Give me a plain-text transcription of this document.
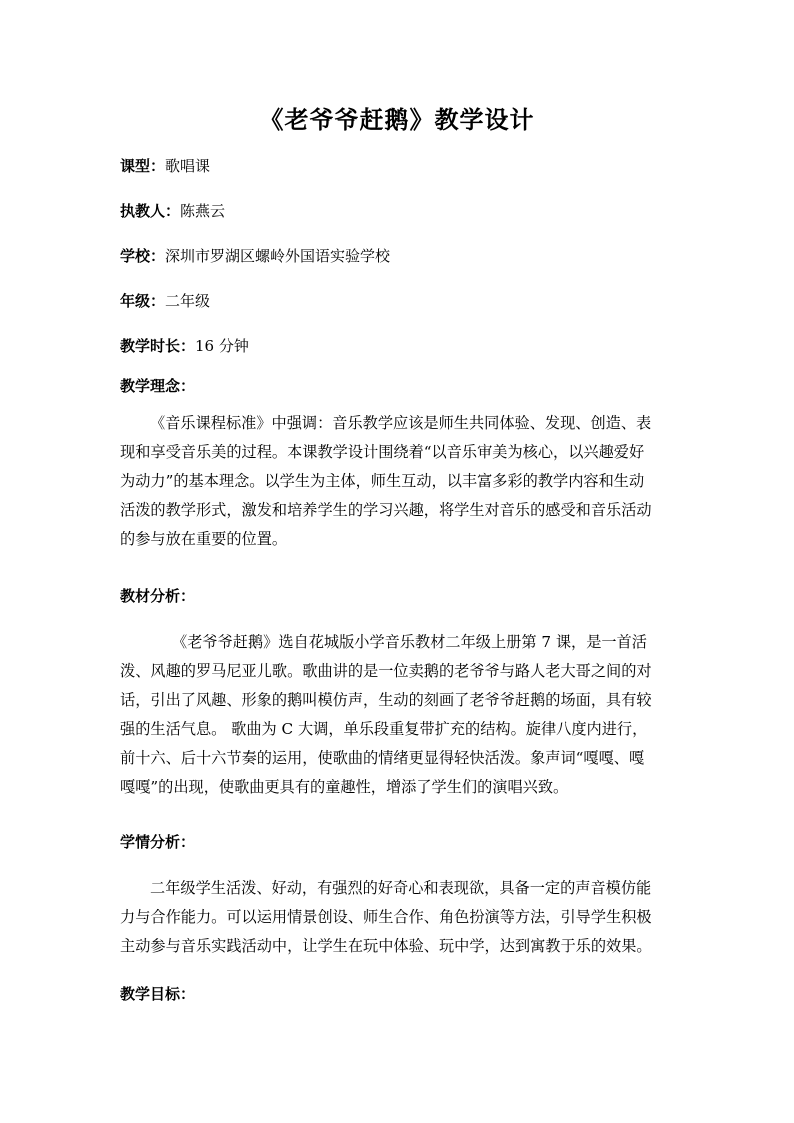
《老爷爷赶鹅》教学设计

课型：歌唱课

执教人：陈燕云

学校：深圳市罗湖区螺岭外国语实验学校

年级：二年级

教学时长：16 分钟

教学理念：
《音乐课程标准》中强调：音乐教学应该是师生共同体验、发现、创造、表
现和享受音乐美的过程。本课教学设计围绕着“以音乐审美为核心，以兴趣爱好
为动力”的基本理念。以学生为主体，师生互动，以丰富多彩的教学内容和生动
活泼的教学形式，激发和培养学生的学习兴趣，将学生对音乐的感受和音乐活动
的参与放在重要的位置。
教材分析：
《老爷爷赶鹅》选自花城版小学音乐教材二年级上册第 7 课，是一首活
泼、风趣的罗马尼亚儿歌。歌曲讲的是一位卖鹅的老爷爷与路人老大哥之间的对
话，引出了风趣、形象的鹅叫模仿声，生动的刻画了老爷爷赶鹅的场面，具有较
强的生活气息。 歌曲为 C 大调，单乐段重复带扩充的结构。旋律八度内进行，
前十六、后十六节奏的运用，使歌曲的情绪更显得轻快活泼。象声词“嘎嘎、嘎
嘎嘎”的出现，使歌曲更具有的童趣性，增添了学生们的演唱兴致。
学情分析：
二年级学生活泼、好动，有强烈的好奇心和表现欲，具备一定的声音模仿能
力与合作能力。可以运用情景创设、师生合作、角色扮演等方法，引导学生积极
主动参与音乐实践活动中，让学生在玩中体验、玩中学，达到寓教于乐的效果。
教学目标：
